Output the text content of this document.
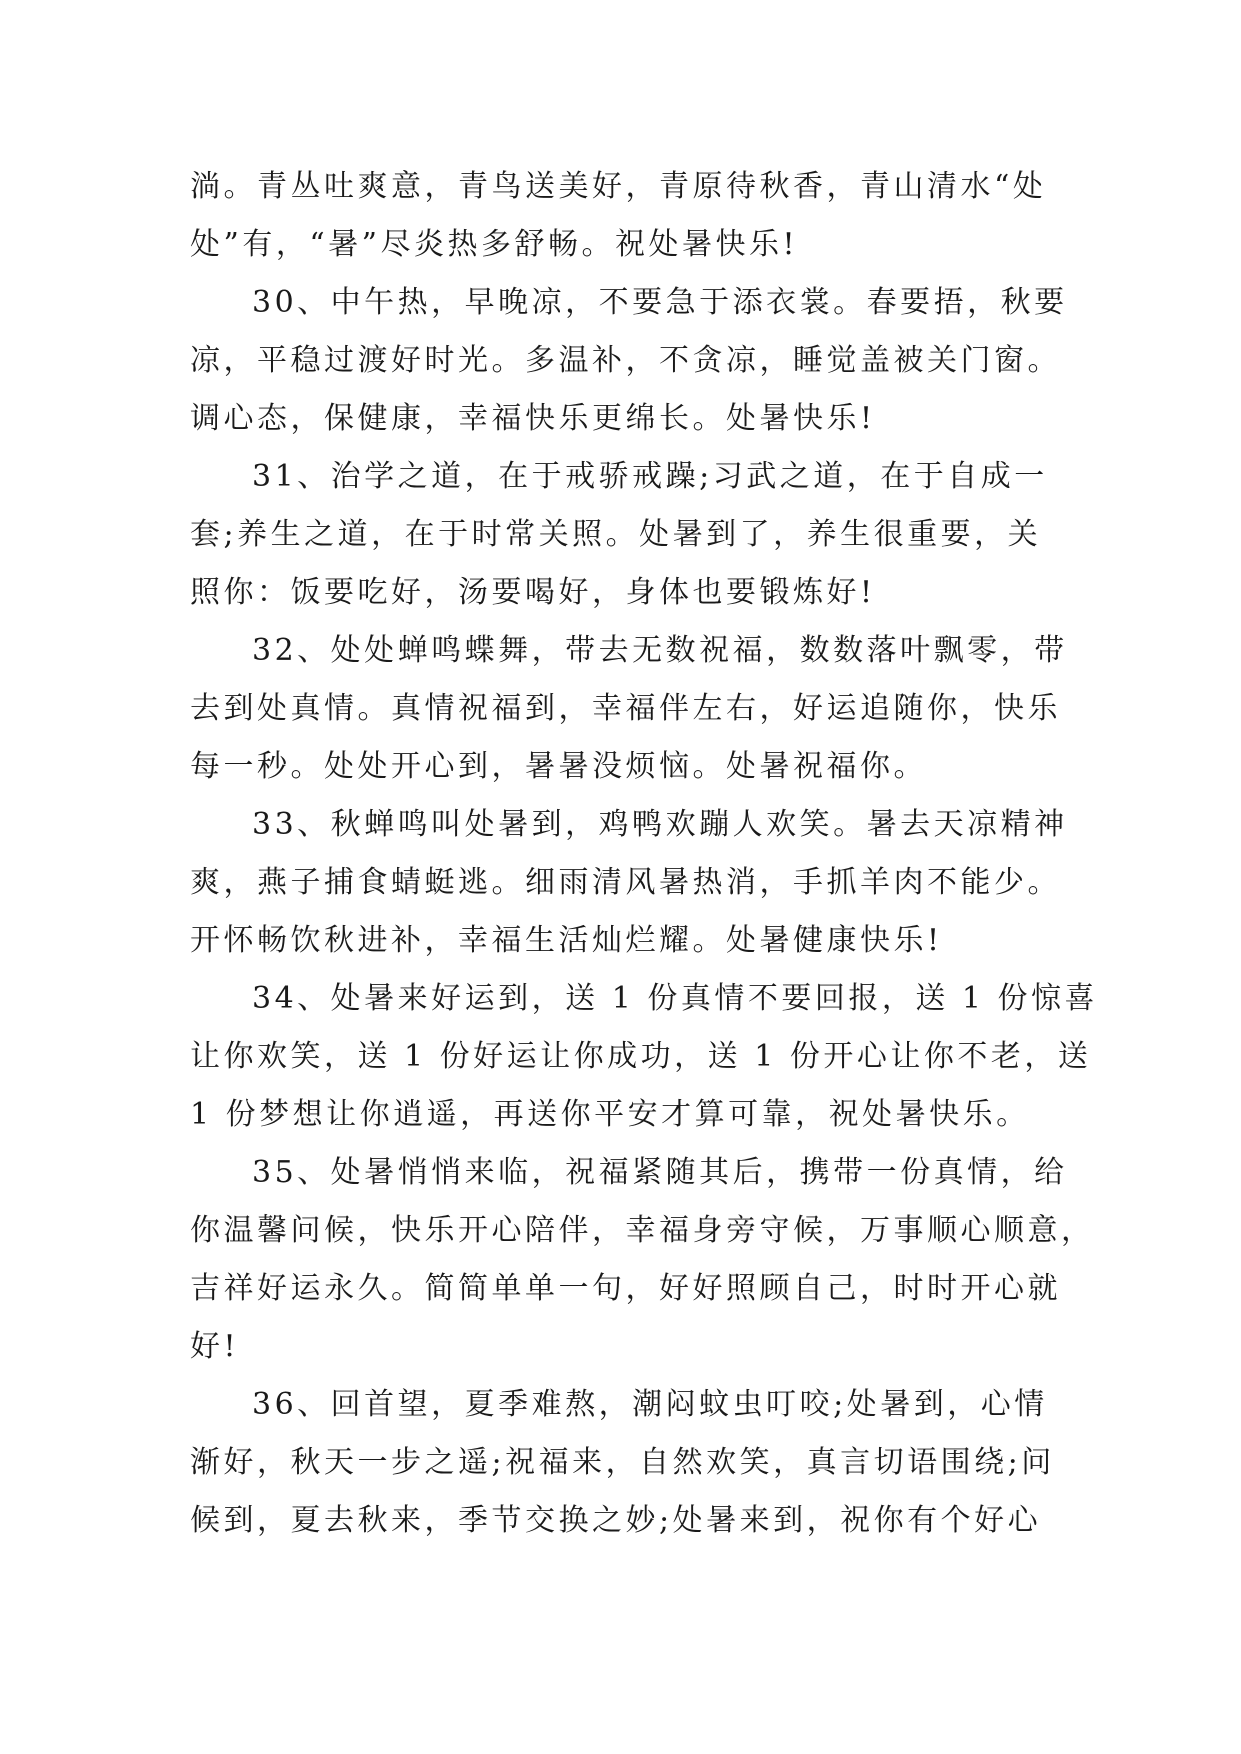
淌。青丛吐爽意，青鸟送美好，青原待秋香，青山清水“处
处”有，“暑”尽炎热多舒畅。祝处暑快乐!

30、中午热，早晚凉，不要急于添衣裳。春要捂，秋要
凉，平稳过渡好时光。多温补，不贪凉，睡觉盖被关门窗。
调心态，保健康，幸福快乐更绵长。处暑快乐!

31、治学之道，在于戒骄戒躁;习武之道，在于自成一
套;养生之道，在于时常关照。处暑到了，养生很重要，关
照你：饭要吃好，汤要喝好，身体也要锻炼好!

32、处处蝉鸣蝶舞，带去无数祝福，数数落叶飘零，带
去到处真情。真情祝福到，幸福伴左右，好运追随你，快乐
每一秒。处处开心到，暑暑没烦恼。处暑祝福你。

33、秋蝉鸣叫处暑到，鸡鸭欢蹦人欢笑。暑去天凉精神
爽，燕子捕食蜻蜓逃。细雨清风暑热消，手抓羊肉不能少。
开怀畅饮秋进补，幸福生活灿烂耀。处暑健康快乐!

34、处暑来好运到，送 1 份真情不要回报，送 1 份惊喜
让你欢笑，送 1 份好运让你成功，送 1 份开心让你不老，送
1 份梦想让你逍遥，再送你平安才算可靠，祝处暑快乐。

35、处暑悄悄来临，祝福紧随其后，携带一份真情，给
你温馨问候，快乐开心陪伴，幸福身旁守候，万事顺心顺意，
吉祥好运永久。简简单单一句，好好照顾自己，时时开心就
好!

36、回首望，夏季难熬，潮闷蚊虫叮咬;处暑到，心情
渐好，秋天一步之遥;祝福来，自然欢笑，真言切语围绕;问
候到，夏去秋来，季节交换之妙;处暑来到，祝你有个好心
